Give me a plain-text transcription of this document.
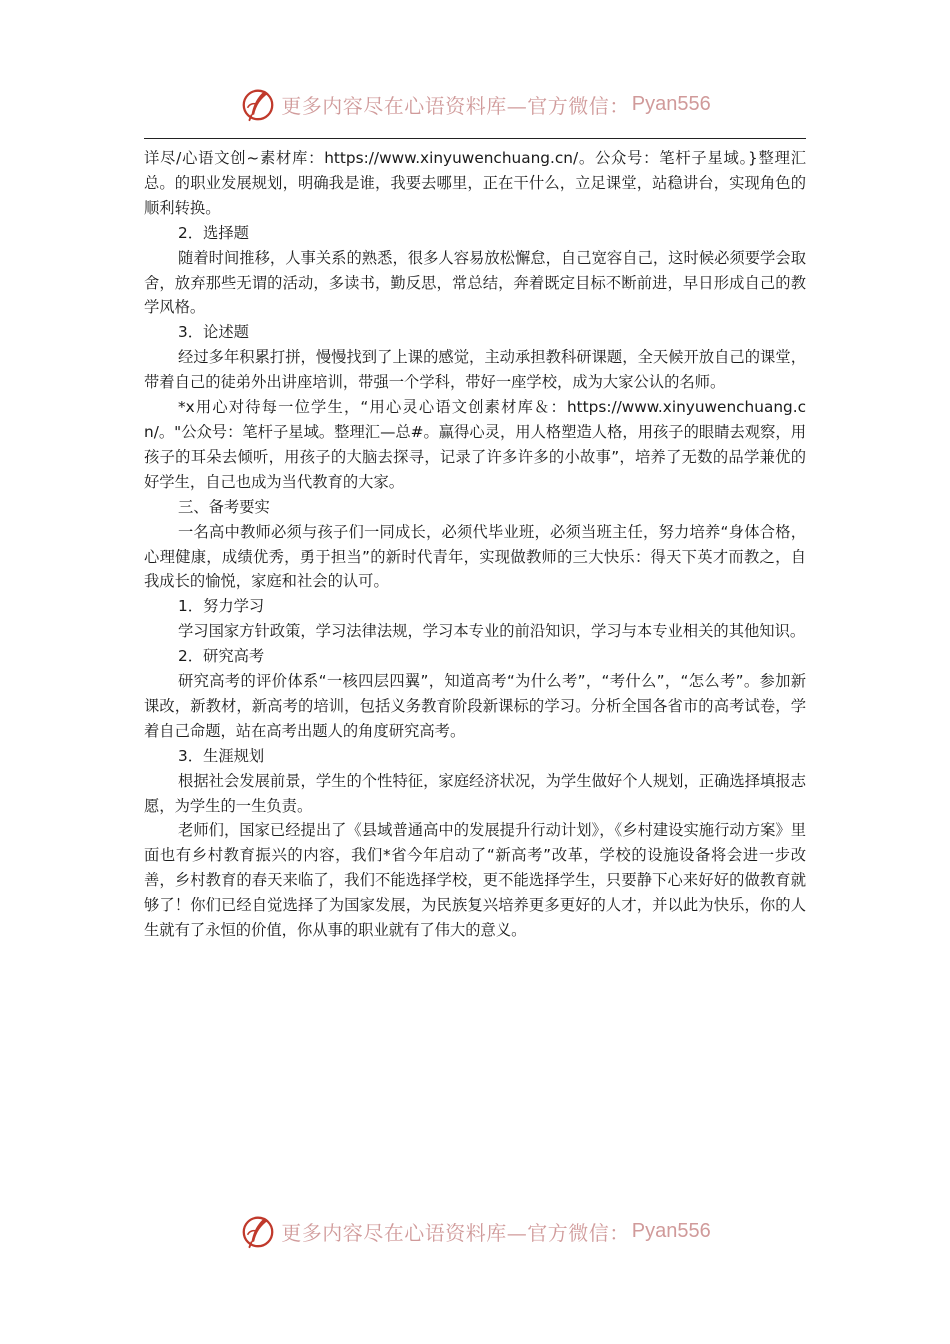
更多内容尽在心语资料库—官方微信： Pyan556

详尽/心语文创~素材库：https://www.xinyuwenchuang.cn/。公众号：笔杆子星域。}整理汇总。的职业发展规划，明确我是谁，我要去哪里，正在干什么，立足课堂，站稳讲台，实现角色的顺利转换。

2．选择题

随着时间推移，人事关系的熟悉，很多人容易放松懈怠，自己宽容自己，这时候必须要学会取舍，放弃那些无谓的活动，多读书，勤反思，常总结，奔着既定目标不断前进，早日形成自己的教学风格。

3．论述题

经过多年积累打拼，慢慢找到了上课的感觉，主动承担教科研课题，全天候开放自己的课堂，带着自己的徒弟外出讲座培训，带强一个学科，带好一座学校，成为大家公认的名师。

*x用心对待每一位学生，“用心灵心语文创素材库＆：https://www.xinyuwenchuang.cn/。"公众号：笔杆子星域。整理汇—总#。赢得心灵，用人格塑造人格，用孩子的眼睛去观察，用孩子的耳朵去倾听，用孩子的大脑去探寻，记录了许多许多的小故事”，培养了无数的品学兼优的好学生，自己也成为当代教育的大家。

三、备考要实

一名高中教师必须与孩子们一同成长，必须代毕业班，必须当班主任，努力培养“身体合格，心理健康，成绩优秀，勇于担当”的新时代青年，实现做教师的三大快乐：得天下英才而教之，自我成长的愉悦，家庭和社会的认可。

1．努力学习

学习国家方针政策，学习法律法规，学习本专业的前沿知识，学习与本专业相关的其他知识。

2．研究高考

研究高考的评价体系“一核四层四翼”，知道高考“为什么考”，“考什么”，“怎么考”。参加新课改，新教材，新高考的培训，包括义务教育阶段新课标的学习。分析全国各省市的高考试卷，学着自己命题，站在高考出题人的角度研究高考。

3．生涯规划

根据社会发展前景，学生的个性特征，家庭经济状况，为学生做好个人规划，正确选择填报志愿，为学生的一生负责。

老师们，国家已经提出了《县域普通高中的发展提升行动计划》，《乡村建设实施行动方案》里面也有乡村教育振兴的内容，我们*省今年启动了“新高考”改革，学校的设施设备将会进一步改善，乡村教育的春天来临了，我们不能选择学校，更不能选择学生，只要静下心来好好的做教育就够了！你们已经自觉选择了为国家发展，为民族复兴培养更多更好的人才，并以此为快乐，你的人生就有了永恒的价值，你从事的职业就有了伟大的意义。

更多内容尽在心语资料库—官方微信： Pyan556
